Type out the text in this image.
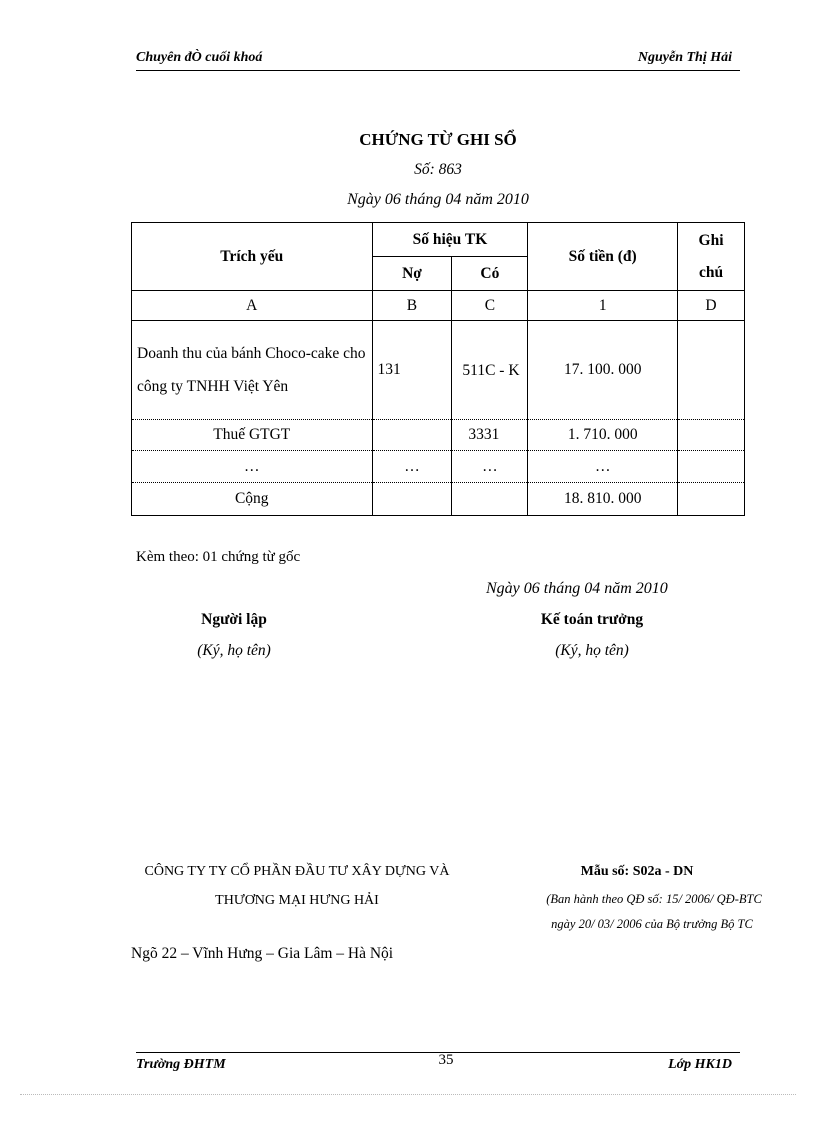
Chuyên đÒ cuối khoá	Nguyễn Thị Hải
CHỨNG TỪ GHI SỔ
Số: 863
Ngày 06 tháng 04 năm 2010
Trích yếu	Số hiệu TK		Số tiền (đ)	Ghi
chú

	Nợ	Có		
A	B	C	1	D
Doanh thu của bánh Choco-cake cho công ty TNHH Việt Yên	131	511C - K	17. 100. 000	
Thuế GTGT		3331	1. 710. 000	
…	…	…	…	
Cộng			18. 810. 000	
Kèm theo: 01 chứng từ gốc
Ngày 06 tháng 04 năm 2010
Người lập	Kế toán trưởng
(Ký, họ tên)	(Ký, họ tên)
CÔNG TY TY CỔ PHẦN ĐẦU TƯ XÂY DỰNG VÀ
THƯƠNG MẠI HƯNG HẢI
Ngõ 22 – Vĩnh Hưng – Gia Lâm – Hà Nội
Mẫu số: S02a - DN
(Ban hành theo QĐ số: 15/ 2006/ QĐ-BTC
ngày 20/ 03/ 2006 của Bộ trưởng Bộ TC
Trường ĐHTM	35	Lớp HK1D
